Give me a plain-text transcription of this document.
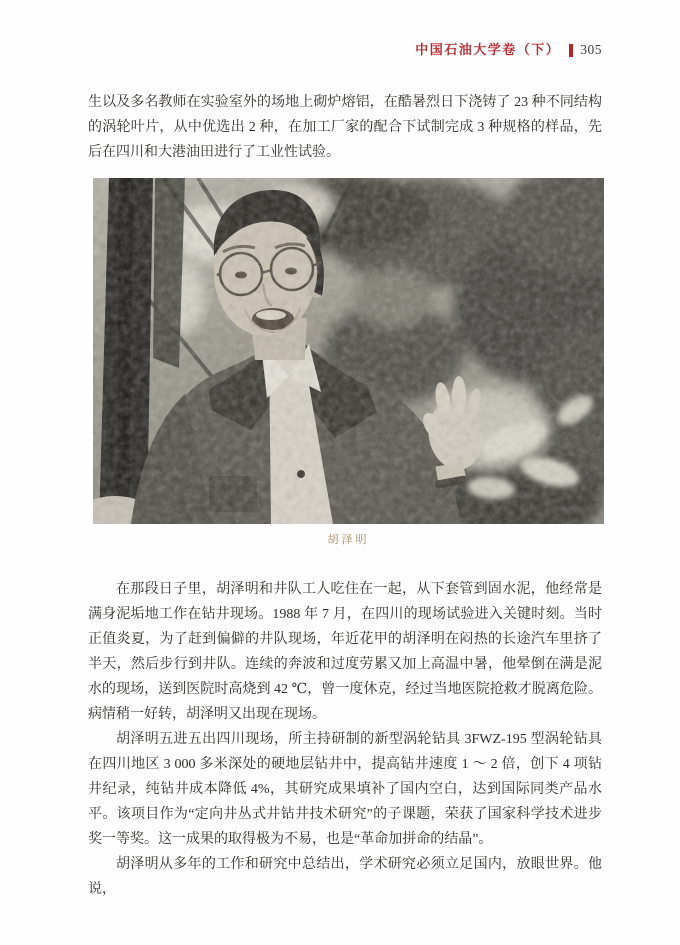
中国石油大学卷（下） 305

生以及多名教师在实验室外的场地上砌炉熔铝，在酷暑烈日下浇铸了 23 种不同结构的涡轮叶片，从中优选出 2 种，在加工厂家的配合下试制完成 3 种规格的样品，先后在四川和大港油田进行了工业性试验。

胡泽明

在那段日子里，胡泽明和井队工人吃住在一起，从下套管到固水泥，他经常是满身泥垢地工作在钻井现场。1988 年 7 月，在四川的现场试验进入关键时刻。当时正值炎夏，为了赶到偏僻的井队现场，年近花甲的胡泽明在闷热的长途汽车里挤了半天，然后步行到井队。连续的奔波和过度劳累又加上高温中暑，他晕倒在满是泥水的现场，送到医院时高烧到 42 ℃，曾一度休克，经过当地医院抢救才脱离危险。病情稍一好转，胡泽明又出现在现场。

胡泽明五进五出四川现场，所主持研制的新型涡轮钻具 3FWZ-195 型涡轮钻具在四川地区 3 000 多米深处的硬地层钻井中，提高钻井速度 1 ～ 2 倍，创下 4 项钻井纪录，纯钻井成本降低 4%，其研究成果填补了国内空白，达到国际同类产品水平。该项目作为“定向井丛式井钻井技术研究”的子课题，荣获了国家科学技术进步奖一等奖。这一成果的取得极为不易，也是“革命加拼命的结晶”。

胡泽明从多年的工作和研究中总结出，学术研究必须立足国内，放眼世界。他说，
